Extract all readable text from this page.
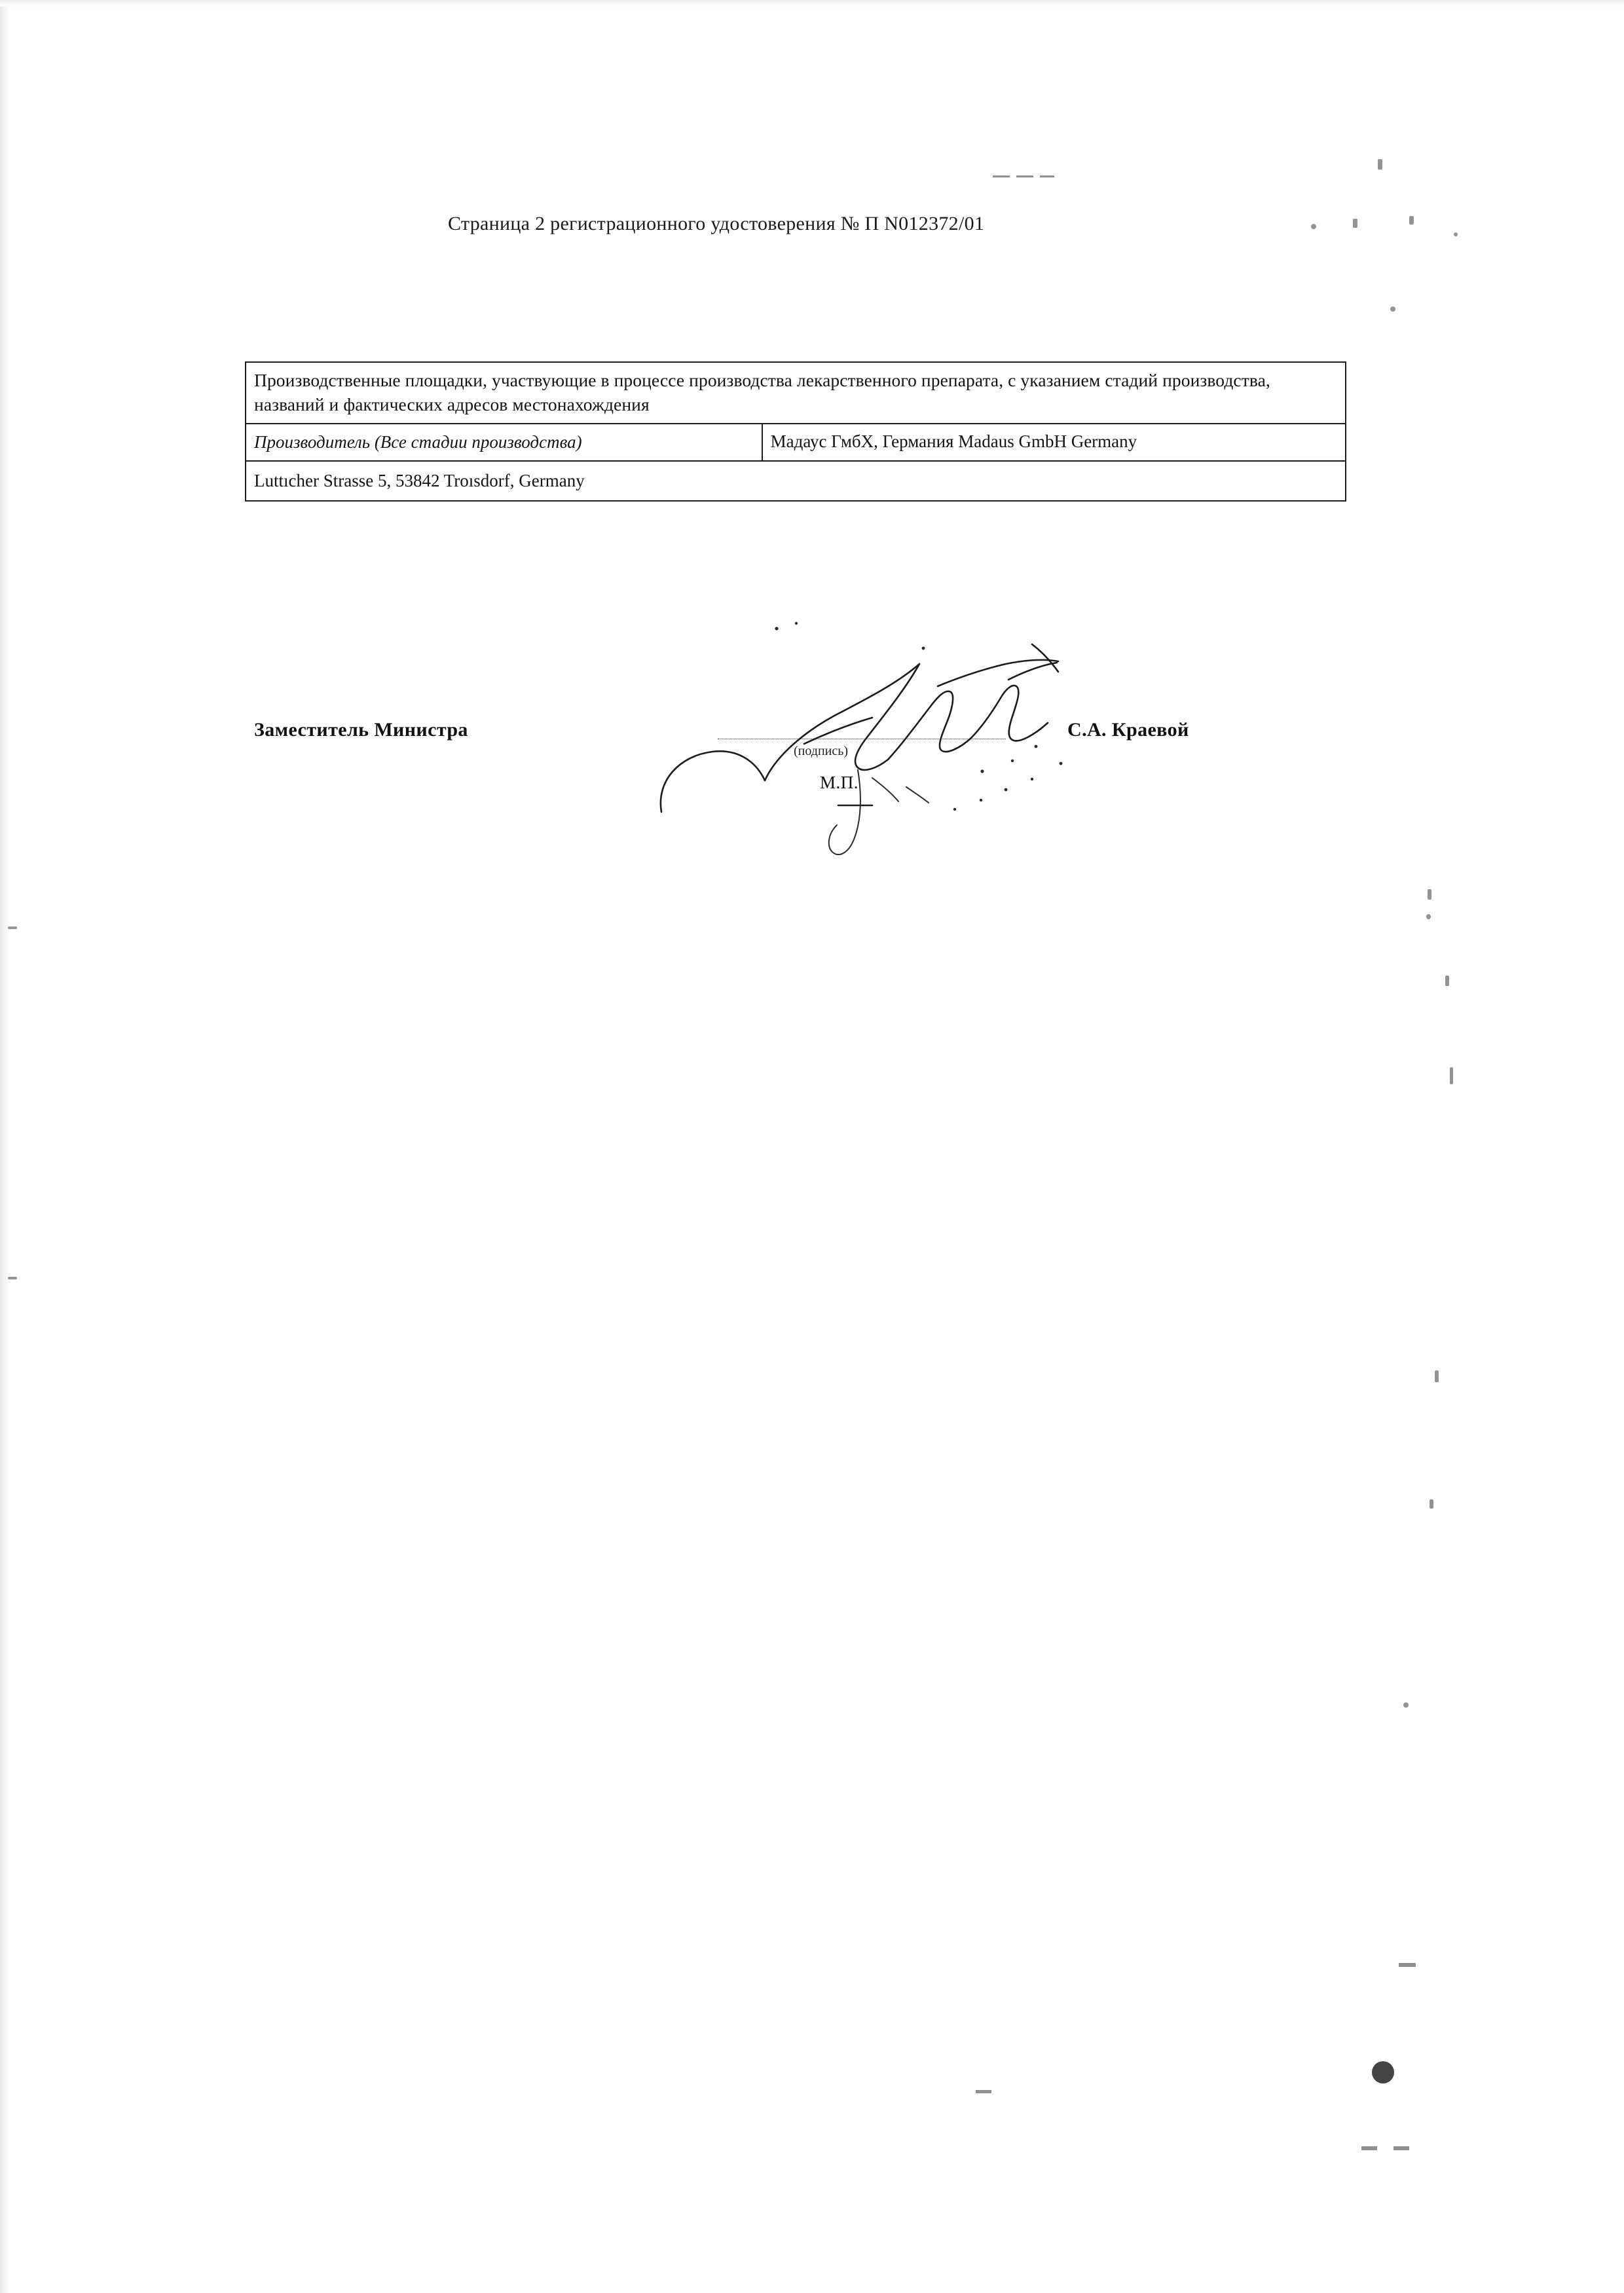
Страница 2 регистрационного удостоверения № П N012372/01
Производственные площадки, участвующие в процессе производства лекарственного препарата, с указанием стадий производства, названий и фактических адресов местонахождения
Производитель (Все стадии производства)	Мадаус ГмбХ, Германия Madaus GmbH Germany
Luttıcher Strasse 5, 53842 Troısdorf, Germany
Заместитель Министра
(подпись)
М.П.
С.А. Краевой
